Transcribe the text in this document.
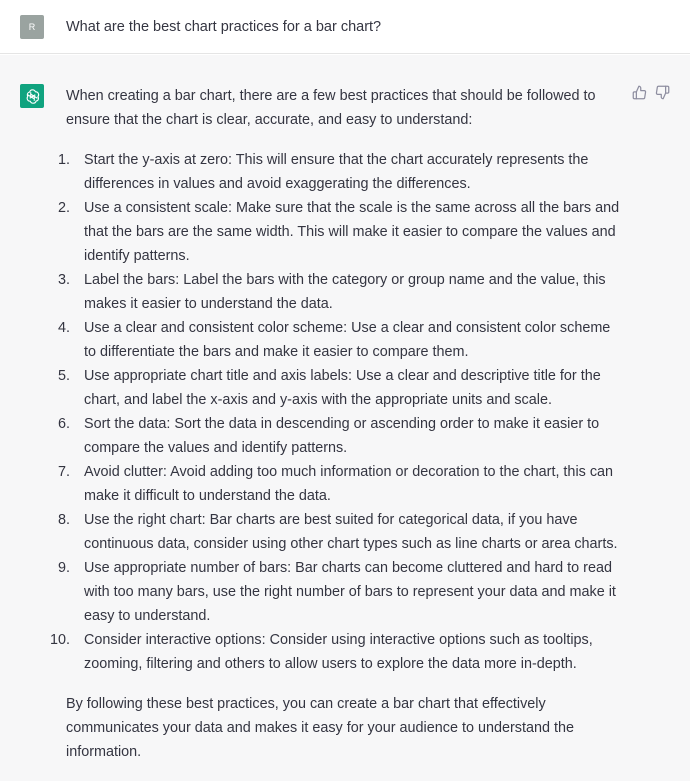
R What are the best chart practices for a bar chart?

When creating a bar chart, there are a few best practices that should be followed to ensure that the chart is clear, accurate, and easy to understand:

1. Start the y-axis at zero: This will ensure that the chart accurately represents the differences in values and avoid exaggerating the differences.
2. Use a consistent scale: Make sure that the scale is the same across all the bars and that the bars are the same width. This will make it easier to compare the values and identify patterns.
3. Label the bars: Label the bars with the category or group name and the value, this makes it easier to understand the data.
4. Use a clear and consistent color scheme: Use a clear and consistent color scheme to differentiate the bars and make it easier to compare them.
5. Use appropriate chart title and axis labels: Use a clear and descriptive title for the chart, and label the x-axis and y-axis with the appropriate units and scale.
6. Sort the data: Sort the data in descending or ascending order to make it easier to compare the values and identify patterns.
7. Avoid clutter: Avoid adding too much information or decoration to the chart, this can make it difficult to understand the data.
8. Use the right chart: Bar charts are best suited for categorical data, if you have continuous data, consider using other chart types such as line charts or area charts.
9. Use appropriate number of bars: Bar charts can become cluttered and hard to read with too many bars, use the right number of bars to represent your data and make it easy to understand.
10. Consider interactive options: Consider using interactive options such as tooltips, zooming, filtering and others to allow users to explore the data more in-depth.

By following these best practices, you can create a bar chart that effectively communicates your data and makes it easy for your audience to understand the information.
